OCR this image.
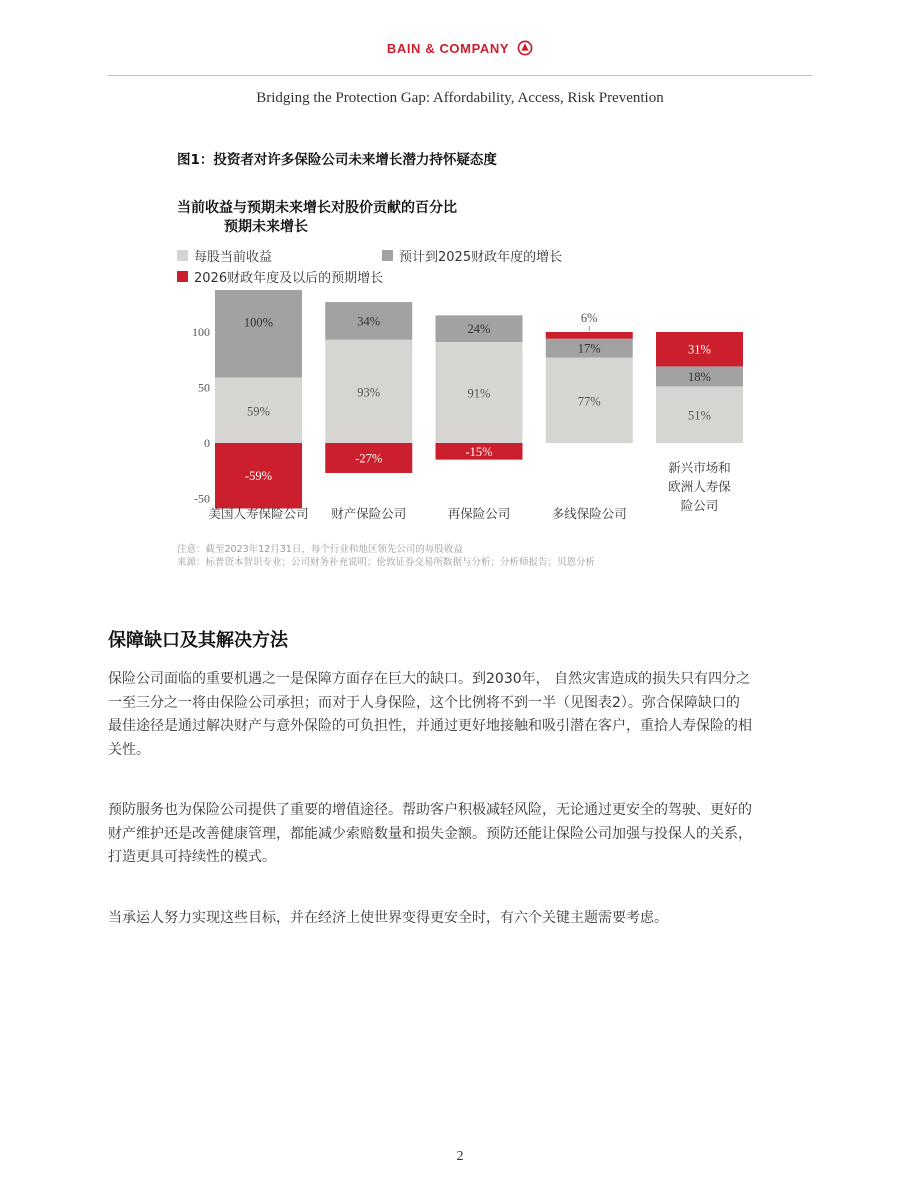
BAIN & COMPANY
Bridging the Protection Gap: Affordability, Access, Risk Prevention
图1：投资者对许多保险公司未来增长潜力持怀疑态度
当前收益与预期未来增长对股价贡献的百分比
预期未来增长
每股当前收益	预计到2025财政年度的增长
2026财政年度及以后的预期增长
100
50
0
-50
59%
100%
-59%
美国人寿保险公司
93%
34%
-27%
财产保险公司
91%
24%
-15%
再保险公司
77%
17%
6%
多线保险公司
51%
18%
31%
新兴市场和
欧洲人寿保
险公司
注意：截至2023年12月31日，每个行业和地区领先公司的每股收益
来源：标普资本智识专业；公司财务补充说明；伦敦证券交易所数据与分析；分析师报告；贝恩分析
保障缺口及其解决方法
保险公司面临的重要机遇之一是保障方面存在巨大的缺口。到2030年， 自然灾害造成的损失只有四分之
一至三分之一将由保险公司承担；而对于人身保险，这个比例将不到一半（见图表2）。弥合保障缺口的
最佳途径是通过解决财产与意外保险的可负担性，并通过更好地接触和吸引潜在客户，重拾人寿保险的相
关性。
预防服务也为保险公司提供了重要的增值途径。帮助客户积极减轻风险，无论通过更安全的驾驶、更好的
财产维护还是改善健康管理，都能减少索赔数量和损失金额。预防还能让保险公司加强与投保人的关系，
打造更具可持续性的模式。
当承运人努力实现这些目标，并在经济上使世界变得更安全时，有六个关键主题需要考虑。
2
